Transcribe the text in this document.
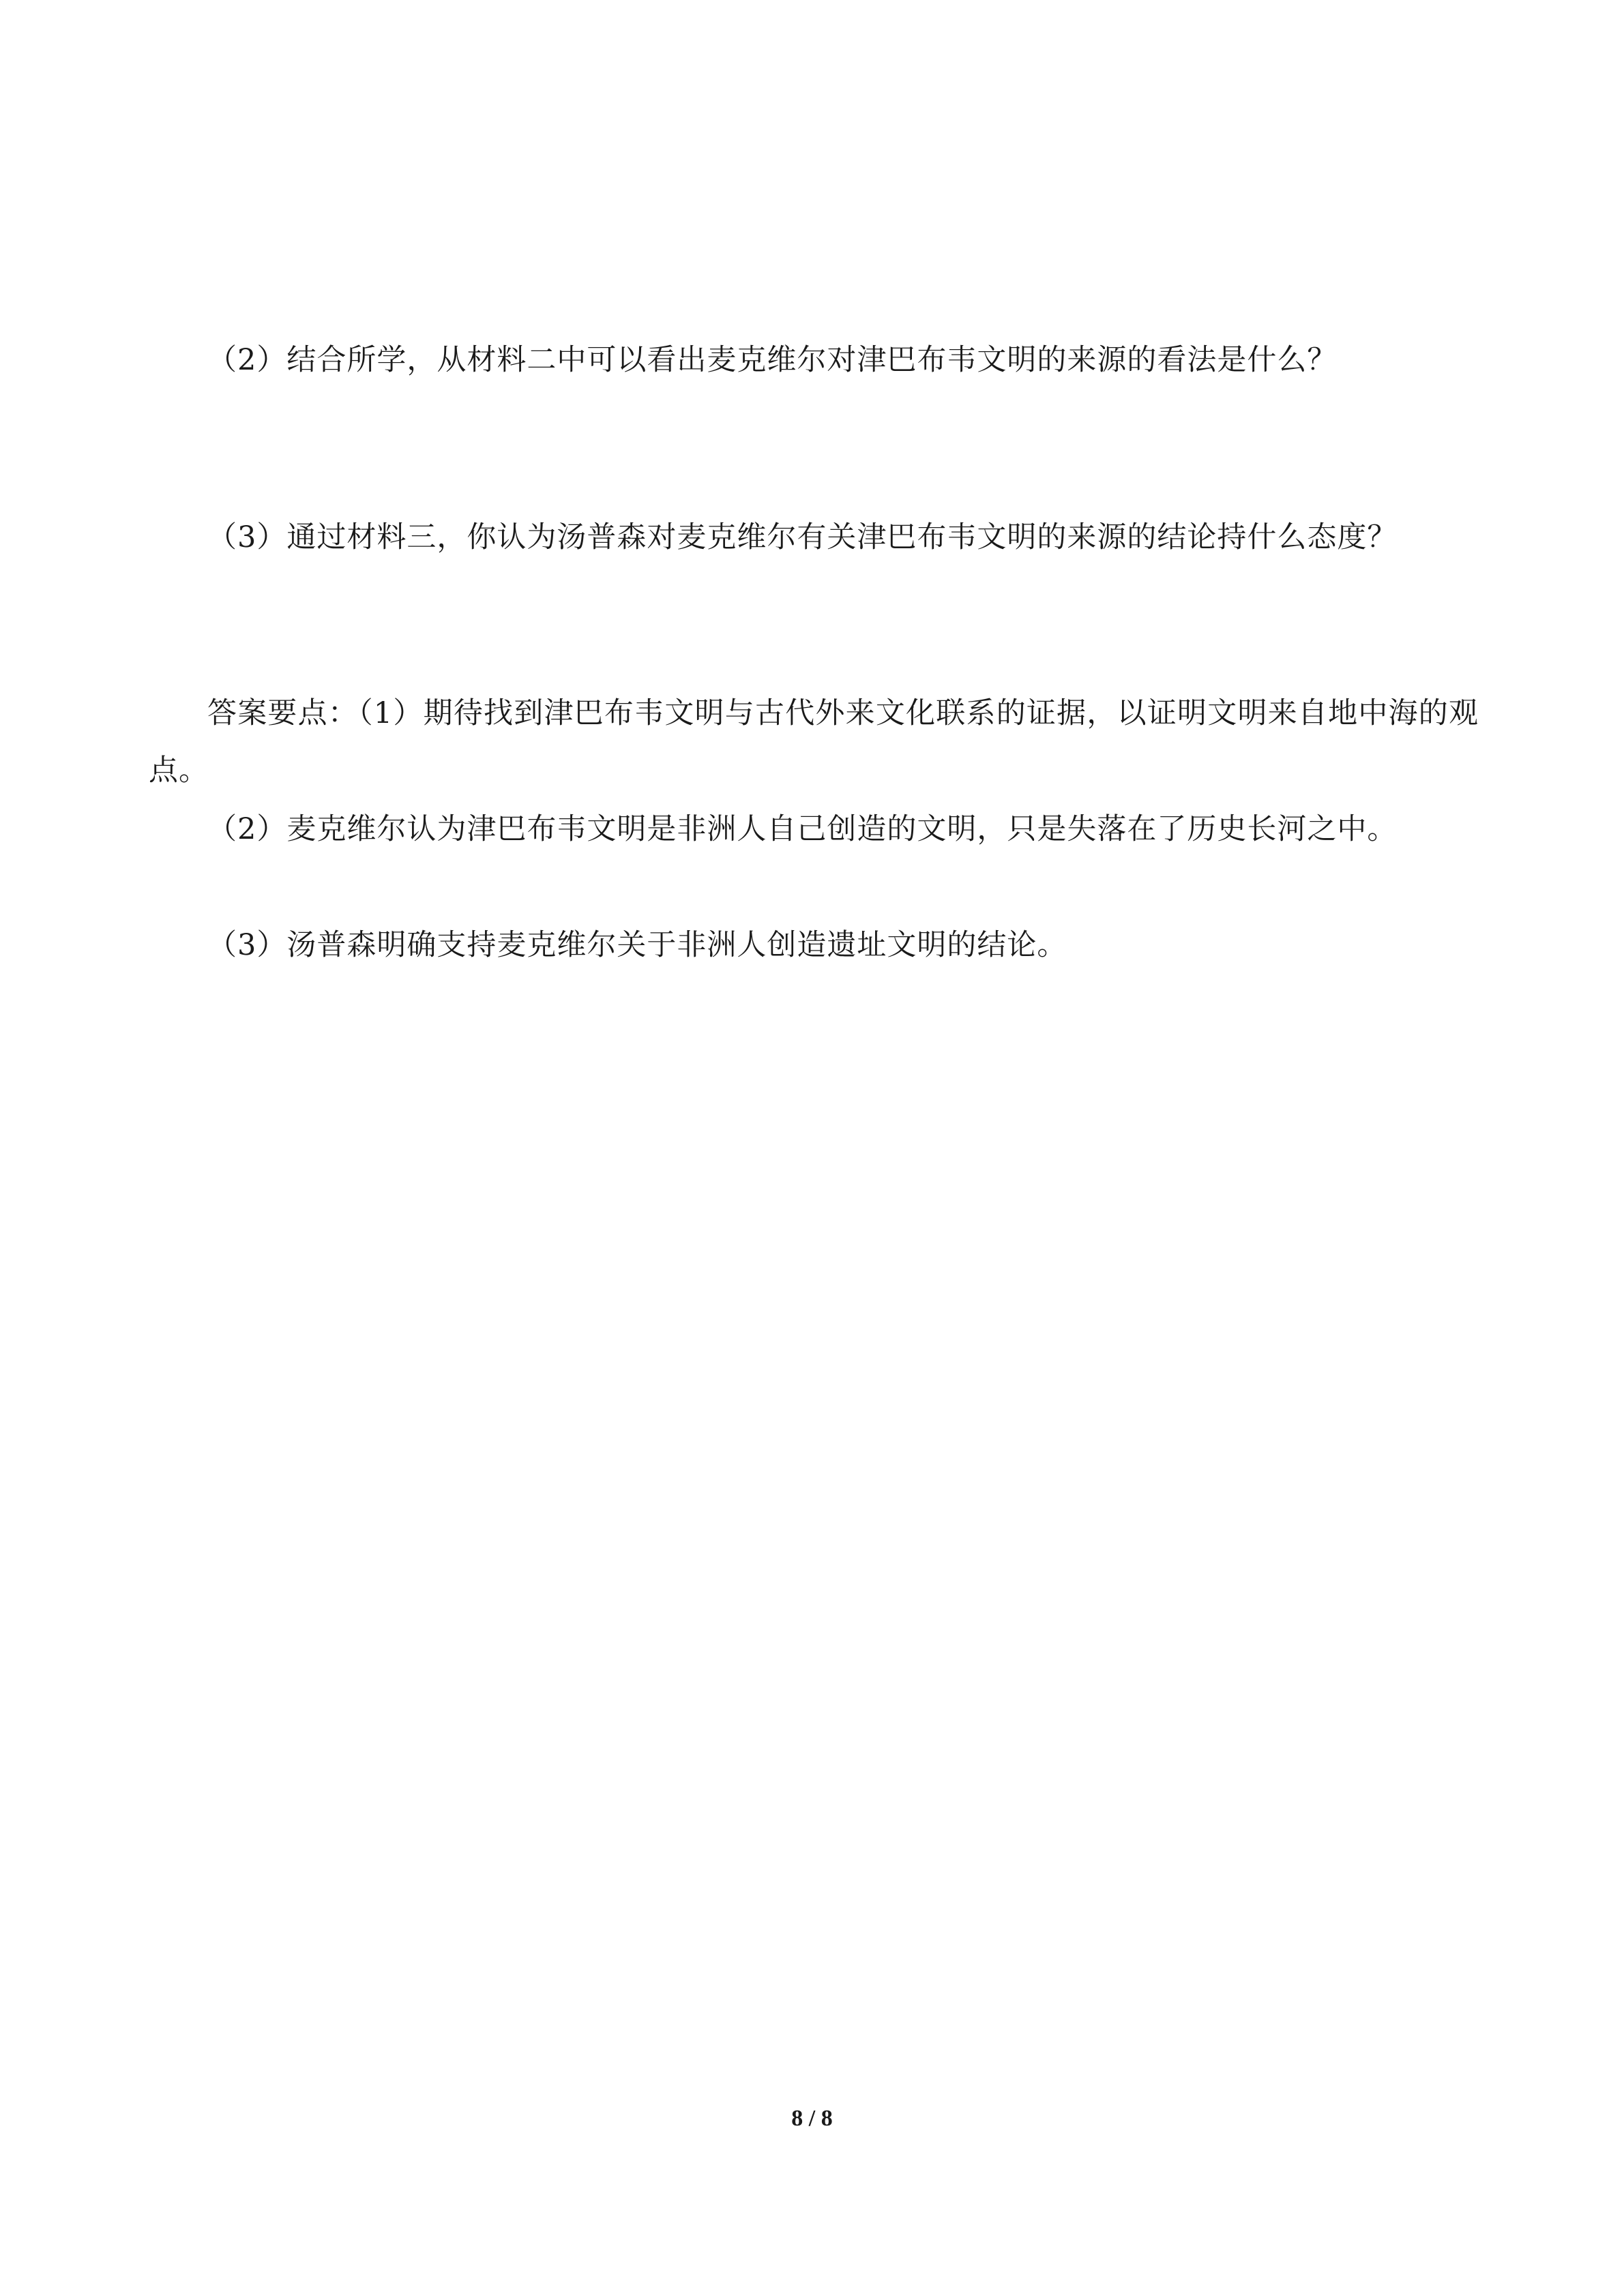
（2）结合所学，从材料二中可以看出麦克维尔对津巴布韦文明的来源的看法是什么？

（3）通过材料三，你认为汤普森对麦克维尔有关津巴布韦文明的来源的结论持什么态度？

答案要点：（1）期待找到津巴布韦文明与古代外来文化联系的证据，以证明文明来自地中海的观点。

（2）麦克维尔认为津巴布韦文明是非洲人自己创造的文明，只是失落在了历史长河之中。

（3）汤普森明确支持麦克维尔关于非洲人创造遗址文明的结论。

8 / 8
